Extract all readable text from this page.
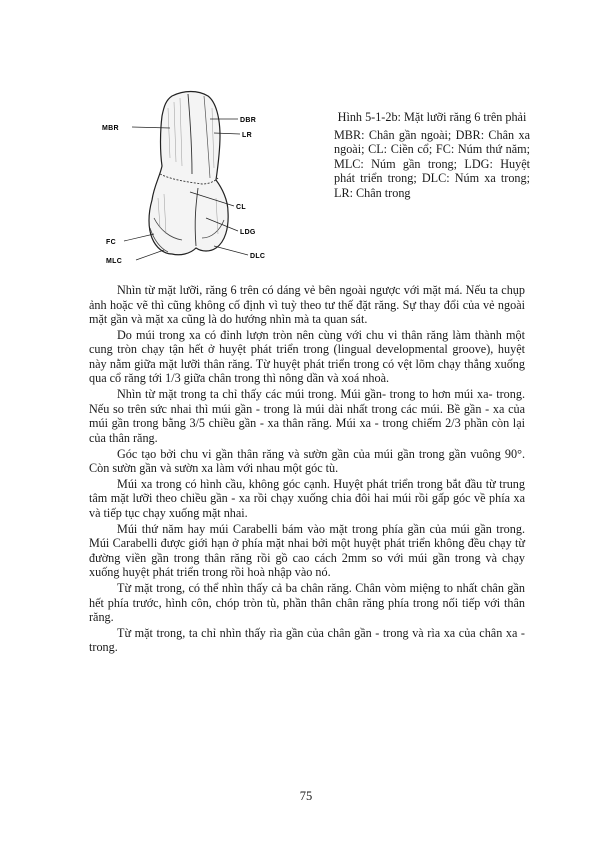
MBR
DBR
LR
CL
LDG
FC
MLC
DLC

Hình 5-1-2b: Mặt lưỡi răng 6 trên phải

MBR: Chân gần ngoài; DBR: Chân xa ngoài; CL: Ciền cổ; FC: Núm thứ năm; MLC: Núm gần trong; LDG: Huyệt phát triển trong; DLC: Núm xa trong; LR: Chân trong

Nhìn từ mặt lưỡi, răng 6 trên có dáng vẻ bên ngoài ngược với mặt má. Nếu ta chụp ảnh hoặc vẽ thì cũng không cố định vì tuỳ theo tư thế đặt răng. Sự thay đổi của vẻ ngoài mặt gần và mặt xa cũng là do hướng nhìn mà ta quan sát.

Do múi trong xa có đỉnh lượn tròn nên cùng với chu vi thân răng làm thành một cung tròn chạy tận hết ở huyệt phát triển trong (lingual developmental groove), huyệt này nằm giữa mặt lưỡi thân răng. Từ huyệt phát triển trong có vệt lõm chạy thẳng xuống qua cổ răng tới 1/3 giữa chân trong thì nông dần và xoá nhoà.

Nhìn từ mặt trong ta chỉ thấy các múi trong. Múi gần- trong to hơn múi xa- trong. Nếu so trên sức nhai thì múi gần - trong là múi dài nhất trong các múi. Bề gần - xa của múi gần trong bằng 3/5 chiều gần - xa thân răng. Múi xa - trong chiếm 2/3 phần còn lại của thân răng.

Góc tạo bởi chu vi gần thân răng và sườn gần của múi gần trong gần vuông 90°. Còn sườn gần và sườn xa làm với nhau một góc tù.

Múi xa trong có hình cầu, không góc cạnh. Huyệt phát triển trong bắt đầu từ trung tâm mặt lưỡi theo chiều gần - xa rồi chạy xuống chia đôi hai múi rồi gấp góc về phía xa và tiếp tục chạy xuống mặt nhai.

Múi thứ năm hay múi Carabelli bám vào mặt trong phía gần của múi gần trong. Múi Carabelli được giới hạn ở phía mặt nhai bởi một huyệt phát triển không đều chạy từ đường viền gần trong thân răng rồi gồ cao cách 2mm so với múi gần trong và chạy xuống huyệt phát triển trong rồi hoà nhập vào nó.

Từ mặt trong, có thể nhìn thấy cả ba chân răng. Chân vòm miệng to nhất chân gần hết phía trước, hình côn, chóp tròn tù, phần thân chân răng phía trong nối tiếp với thân răng.

Từ mặt trong, ta chỉ nhìn thấy rìa gần của chân gần - trong và rìa xa của chân xa - trong.

75
